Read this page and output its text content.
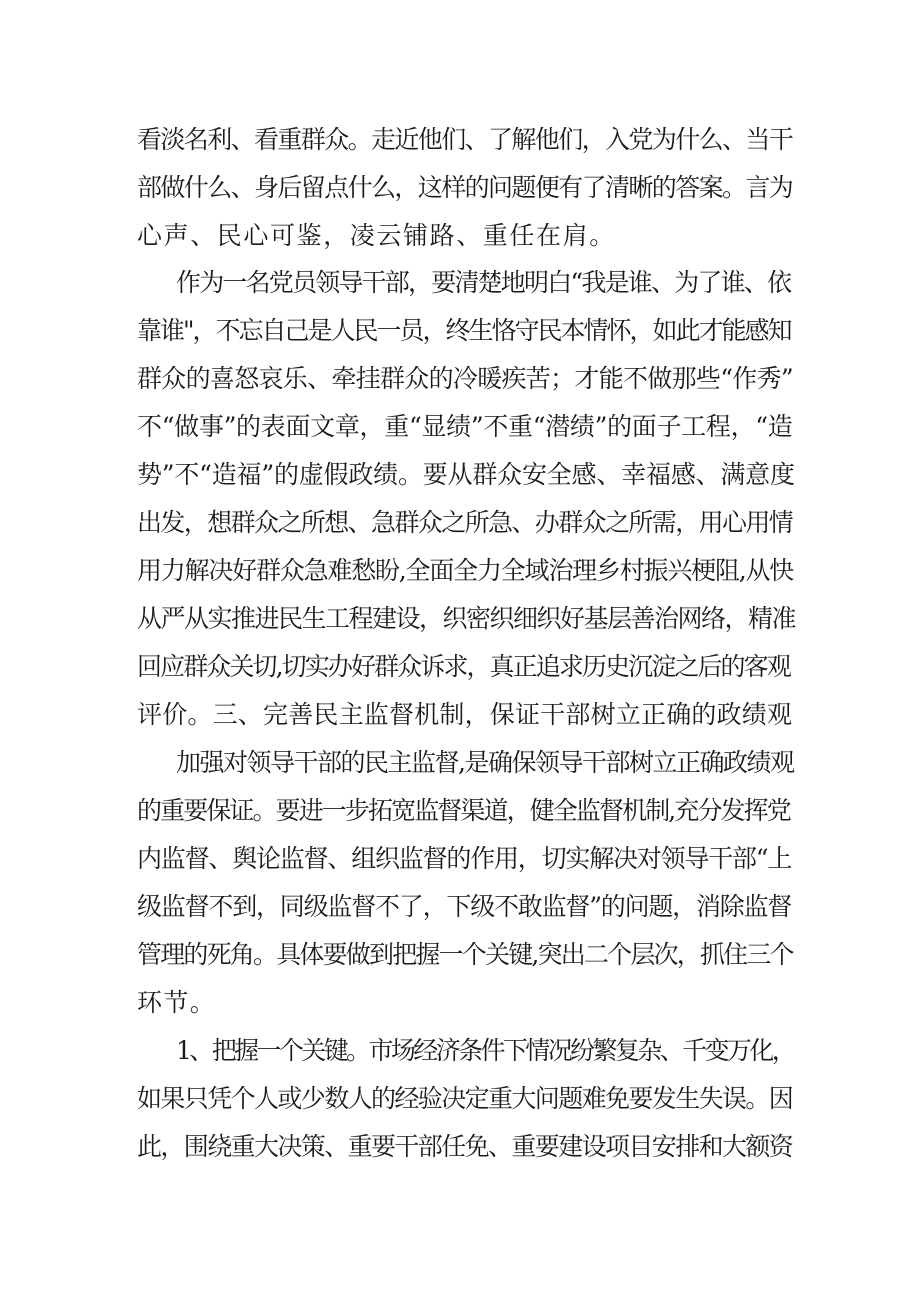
看淡名利、看重群众。走近他们、了解他们，入党为什么、当干
部做什么、身后留点什么，这样的问题便有了清晰的答案。言为
心声、民心可鉴，凌云铺路、重任在肩。
作为一名党员领导干部，要清楚地明白“我是谁、为了谁、依
靠谁"，不忘自己是人民一员，终生恪守民本情怀，如此才能感知
群众的喜怒哀乐、牵挂群众的冷暖疾苦；才能不做那些“作秀”
不“做事”的表面文章，重“显绩”不重“潜绩”的面子工程，“造
势”不“造福”的虚假政绩。要从群众安全感、幸福感、满意度
出发，想群众之所想、急群众之所急、办群众之所需，用心用情
用力解决好群众急难愁盼,全面全力全域治理乡村振兴梗阻,从快
从严从实推进民生工程建设，织密织细织好基层善治网络，精准
回应群众关切,切实办好群众诉求，真正追求历史沉淀之后的客观
评价。三、完善民主监督机制，保证干部树立正确的政绩观
加强对领导干部的民主监督,是确保领导干部树立正确政绩观
的重要保证。要进一步拓宽监督渠道，健全监督机制,充分发挥党
内监督、舆论监督、组织监督的作用，切实解决对领导干部“上
级监督不到，同级监督不了，下级不敢监督”的问题，消除监督
管理的死角。具体要做到把握一个关键,突出二个层次，抓住三个
环节。
1、把握一个关键。市场经济条件下情况纷繁复杂、千变万化，
如果只凭个人或少数人的经验决定重大问题难免要发生失误。因
此，围绕重大决策、重要干部任免、重要建设项目安排和大额资
